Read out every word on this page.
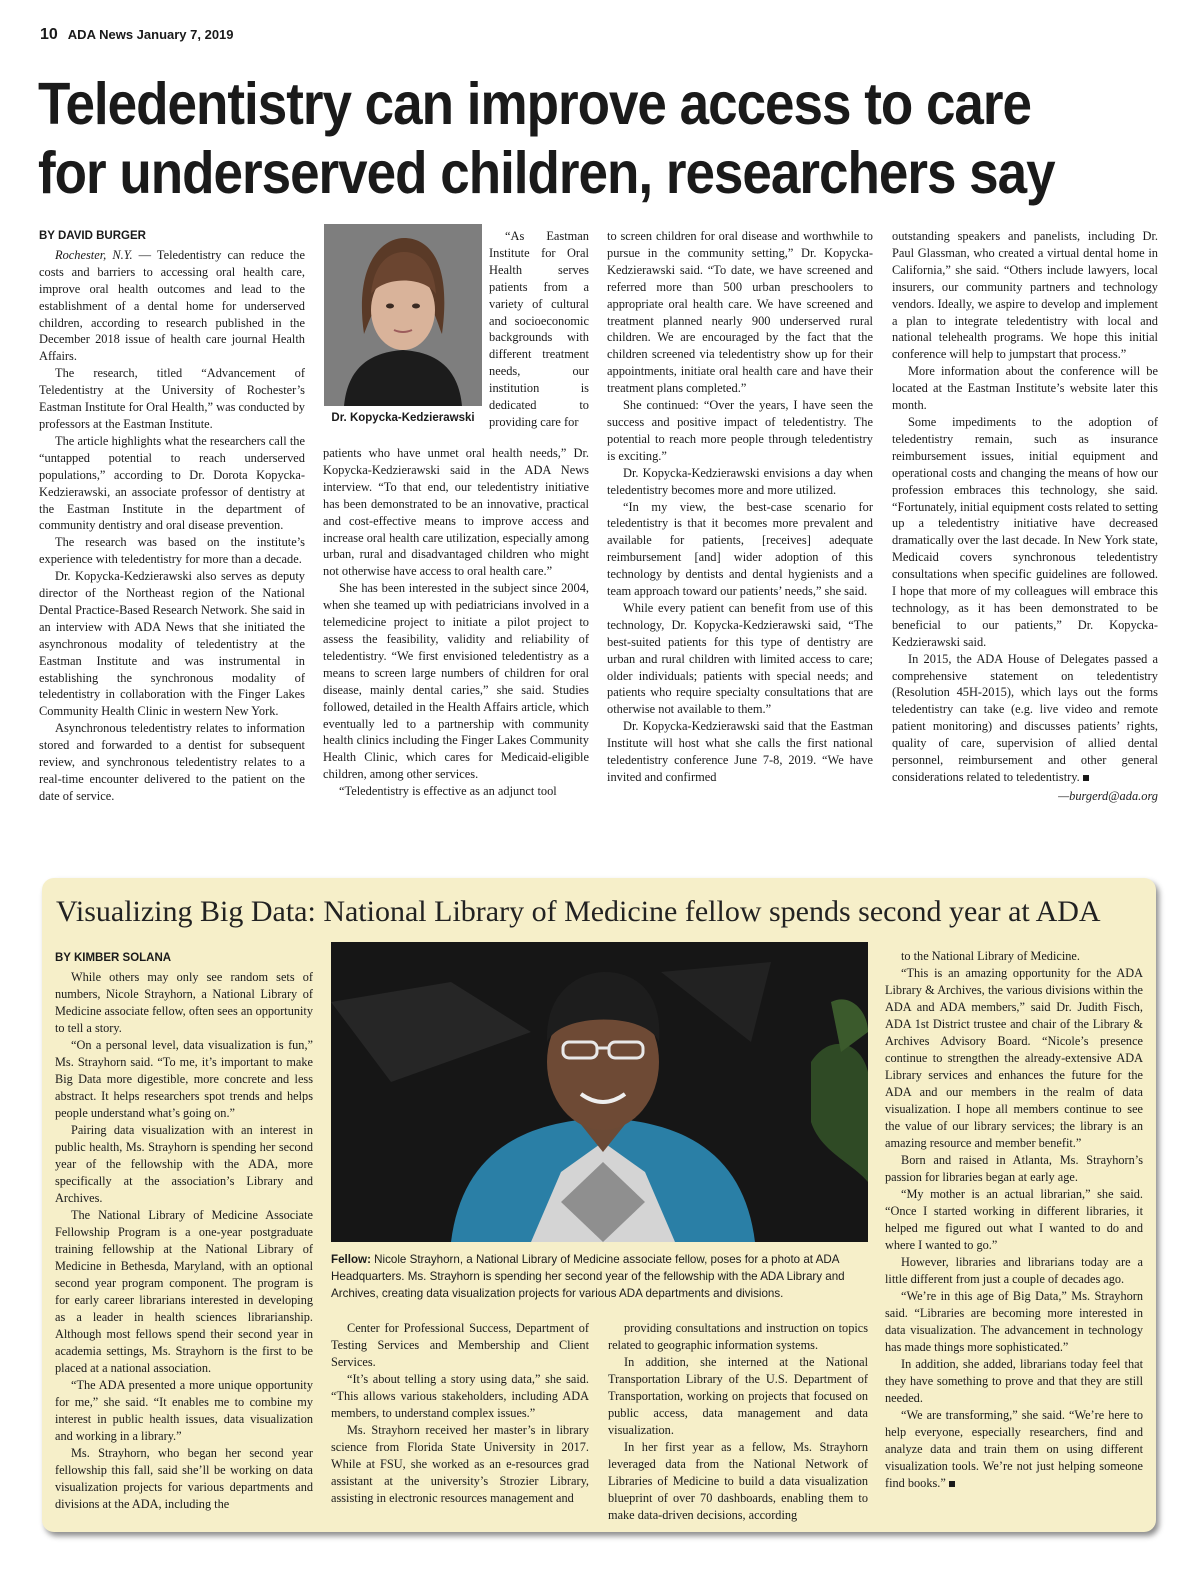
10 ADA News January 7, 2019
Teledentistry can improve access to care
for underserved children, researchers say
BY DAVID BURGER

Rochester, N.Y. — Teledentistry can reduce the costs and barriers to accessing oral health care, improve oral health outcomes and lead to the establishment of a dental home for underserved children, according to research published in the December 2018 issue of health care journal Health Affairs.

The research, titled “Advancement of Teledentistry at the University of Rochester’s Eastman Institute for Oral Health,” was conducted by professors at the Eastman Institute.

The article highlights what the researchers call the “untapped potential to reach underserved populations,” according to Dr. Dorota Kopycka-Kedzierawski, an associate professor of dentistry at the Eastman Institute in the department of community dentistry and oral disease prevention.

The research was based on the institute’s experience with teledentistry for more than a decade.

Dr. Kopycka-Kedzierawski also serves as deputy director of the Northeast region of the National Dental Practice-Based Research Network. She said in an interview with ADA News that she initiated the asynchronous modality of teledentistry at the Eastman Institute and was instrumental in establishing the synchronous modality of teledentistry in collaboration with the Finger Lakes Community Health Clinic in western New York.

Asynchronous teledentistry relates to information stored and forwarded to a dentist for subsequent review, and synchronous teledentistry relates to a real-time encounter delivered to the patient on the date of service.

Dr. Kopycka-Kedzierawski

“As Eastman Institute for Oral Health serves patients from a variety of cultural and socioeconomic backgrounds with different treatment needs, our institution is dedicated to providing care for

patients who have unmet oral health needs,” Dr. Kopycka-Kedzierawski said in the ADA News interview. “To that end, our teledentistry initiative has been demonstrated to be an innovative, practical and cost-effective means to improve access and increase oral health care utilization, especially among urban, rural and disadvantaged children who might not otherwise have access to oral health care.”

She has been interested in the subject since 2004, when she teamed up with pediatricians involved in a telemedicine project to initiate a pilot project to assess the feasibility, validity and reliability of teledentistry. “We first envisioned teledentistry as a means to screen large numbers of children for oral disease, mainly dental caries,” she said. Studies followed, detailed in the Health Affairs article, which eventually led to a partnership with community health clinics including the Finger Lakes Community Health Clinic, which cares for Medicaid-eligible children, among other services.

“Teledentistry is effective as an adjunct tool

to screen children for oral disease and worthwhile to pursue in the community setting,” Dr. Kopycka-Kedzierawski said. “To date, we have screened and referred more than 500 urban preschoolers to appropriate oral health care. We have screened and treatment planned nearly 900 underserved rural children. We are encouraged by the fact that the children screened via teledentistry show up for their appointments, initiate oral health care and have their treatment plans completed.”

She continued: “Over the years, I have seen the success and positive impact of teledentistry. The potential to reach more people through teledentistry is exciting.”

Dr. Kopycka-Kedzierawski envisions a day when teledentistry becomes more and more utilized.

“In my view, the best-case scenario for teledentistry is that it becomes more prevalent and available for patients, [receives] adequate reimbursement [and] wider adoption of this technology by dentists and dental hygienists and a team approach toward our patients’ needs,” she said.

While every patient can benefit from use of this technology, Dr. Kopycka-Kedzierawski said, “The best-suited patients for this type of dentistry are urban and rural children with limited access to care; older individuals; patients with special needs; and patients who require specialty consultations that are otherwise not available to them.”

Dr. Kopycka-Kedzierawski said that the Eastman Institute will host what she calls the first national teledentistry conference June 7-8, 2019. “We have invited and confirmed

outstanding speakers and panelists, including Dr. Paul Glassman, who created a virtual dental home in California,” she said. “Others include lawyers, local insurers, our community partners and technology vendors. Ideally, we aspire to develop and implement a plan to integrate teledentistry with local and national telehealth programs. We hope this initial conference will help to jumpstart that process.”

More information about the conference will be located at the Eastman Institute’s website later this month.

Some impediments to the adoption of teledentistry remain, such as insurance reimbursement issues, initial equipment and operational costs and changing the means of how our profession embraces this technology, she said. “Fortunately, initial equipment costs related to setting up a teledentistry initiative have decreased dramatically over the last decade. In New York state, Medicaid covers synchronous teledentistry consultations when specific guidelines are followed. I hope that more of my colleagues will embrace this technology, as it has been demonstrated to be beneficial to our patients,” Dr. Kopycka-Kedzierawski said.

In 2015, the ADA House of Delegates passed a comprehensive statement on teledentistry (Resolution 45H-2015), which lays out the forms teledentistry can take (e.g. live video and remote patient monitoring) and discusses patients’ rights, quality of care, supervision of allied dental personnel, reimbursement and other general considerations related to teledentistry.

—burgerd@ada.org
Visualizing Big Data: National Library of Medicine fellow spends second year at ADA
BY KIMBER SOLANA

While others may only see random sets of numbers, Nicole Strayhorn, a National Library of Medicine associate fellow, often sees an opportunity to tell a story.

“On a personal level, data visualization is fun,” Ms. Strayhorn said. “To me, it’s important to make Big Data more digestible, more concrete and less abstract. It helps researchers spot trends and helps people understand what’s going on.”

Pairing data visualization with an interest in public health, Ms. Strayhorn is spending her second year of the fellowship with the ADA, more specifically at the association’s Library and Archives.

The National Library of Medicine Associate Fellowship Program is a one-year postgraduate training fellowship at the National Library of Medicine in Bethesda, Maryland, with an optional second year program component. The program is for early career librarians interested in developing as a leader in health sciences librarianship. Although most fellows spend their second year in academia settings, Ms. Strayhorn is the first to be placed at a national association.

“The ADA presented a more unique opportunity for me,” she said. “It enables me to combine my interest in public health issues, data visualization and working in a library.”

Ms. Strayhorn, who began her second year fellowship this fall, said she’ll be working on data visualization projects for various departments and divisions at the ADA, including the

Fellow: Nicole Strayhorn, a National Library of Medicine associate fellow, poses for a photo at ADA Headquarters. Ms. Strayhorn is spending her second year of the fellowship with the ADA Library and Archives, creating data visualization projects for various ADA departments and divisions.

Center for Professional Success, Department of Testing Services and Membership and Client Services.

“It’s about telling a story using data,” she said. “This allows various stakeholders, including ADA members, to understand complex issues.”

Ms. Strayhorn received her master’s in library science from Florida State University in 2017. While at FSU, she worked as an e-resources grad assistant at the university’s Strozier Library, assisting in electronic resources management and

providing consultations and instruction on topics related to geographic information systems.

In addition, she interned at the National Transportation Library of the U.S. Department of Transportation, working on projects that focused on public access, data management and data visualization.

In her first year as a fellow, Ms. Strayhorn leveraged data from the National Network of Libraries of Medicine to build a data visualization blueprint of over 70 dashboards, enabling them to make data-driven decisions, according

to the National Library of Medicine.

“This is an amazing opportunity for the ADA Library & Archives, the various divisions within the ADA and ADA members,” said Dr. Judith Fisch, ADA 1st District trustee and chair of the Library & Archives Advisory Board. “Nicole’s presence continue to strengthen the already-extensive ADA Library services and enhances the future for the ADA and our members in the realm of data visualization. I hope all members continue to see the value of our library services; the library is an amazing resource and member benefit.”

Born and raised in Atlanta, Ms. Strayhorn’s passion for libraries began at early age.

“My mother is an actual librarian,” she said. “Once I started working in different libraries, it helped me figured out what I wanted to do and where I wanted to go.”

However, libraries and librarians today are a little different from just a couple of decades ago.

“We’re in this age of Big Data,” Ms. Strayhorn said. “Libraries are becoming more interested in data visualization. The advancement in technology has made things more sophisticated.”

In addition, she added, librarians today feel that they have something to prove and that they are still needed.

“We are transforming,” she said. “We’re here to help everyone, especially researchers, find and analyze data and train them on using different visualization tools. We’re not just helping someone find books.”
